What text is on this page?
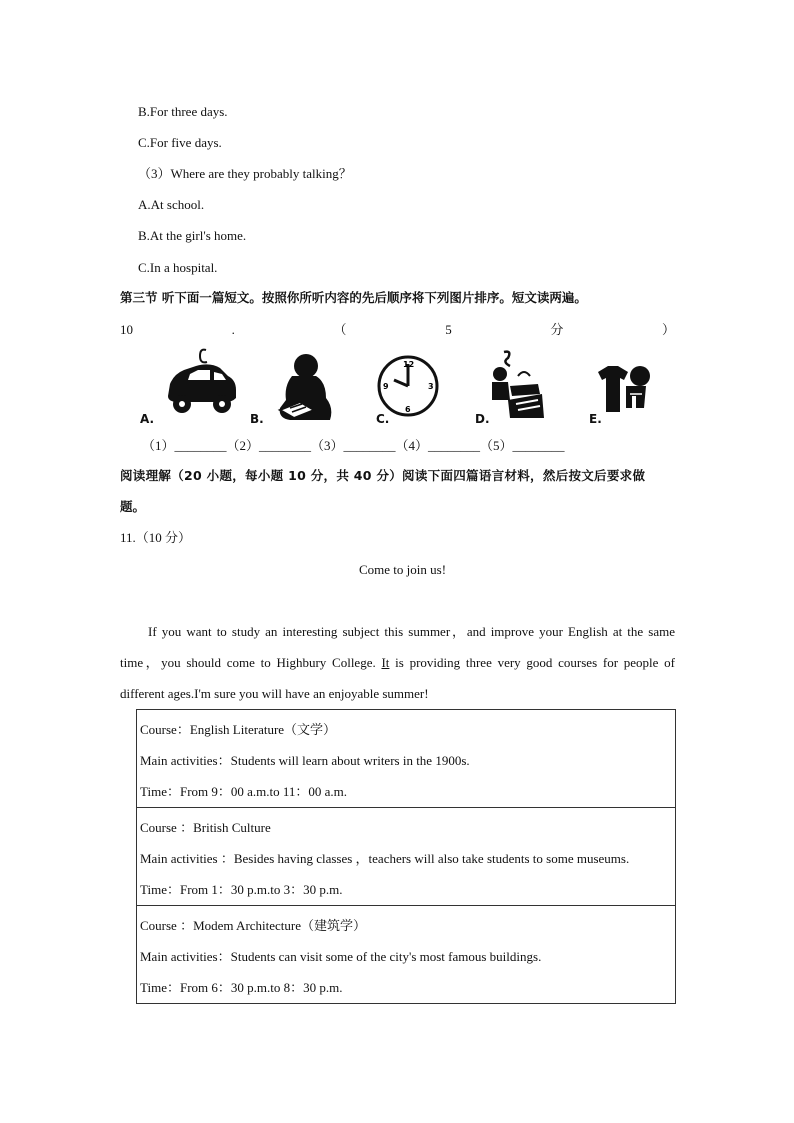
B.For three days.
C.For five days.
（3）Where are they probably talking？
A.At school.
B.At the girl's home.
C.In a hospital.
第三节 听下面一篇短文。按照你所听内容的先后顺序将下列图片排序。短文读两遍。
10	.	（	5	分	）
A.	B.
12
3
6
9
C.	D.	E.
（1）________（2）________（3）________（4）________（5）________
阅读理解（20 小题，每小题 10 分，共 40 分）阅读下面四篇语言材料，然后按文后要求做
题。
11.（10 分）
Come to join us!
If you want to study an interesting subject this summer，and improve your English at the same time，you should come to Highbury College. It is providing three very good courses for people of different ages.I'm sure you will have an enjoyable summer!
Course：English Literature（文学）
Main activities：Students will learn about writers in the 1900s.
Time：From 9：00 a.m.to 11：00 a.m.

Course ：British Culture
Main activities ：Besides having classes ，teachers will also take students to some museums.
Time：From 1：30 p.m.to 3：30 p.m.

Course ：Modem Architecture（建筑学）
Main activities：Students can visit some of the city's most famous buildings.
Time：From 6：30 p.m.to 8：30 p.m.
